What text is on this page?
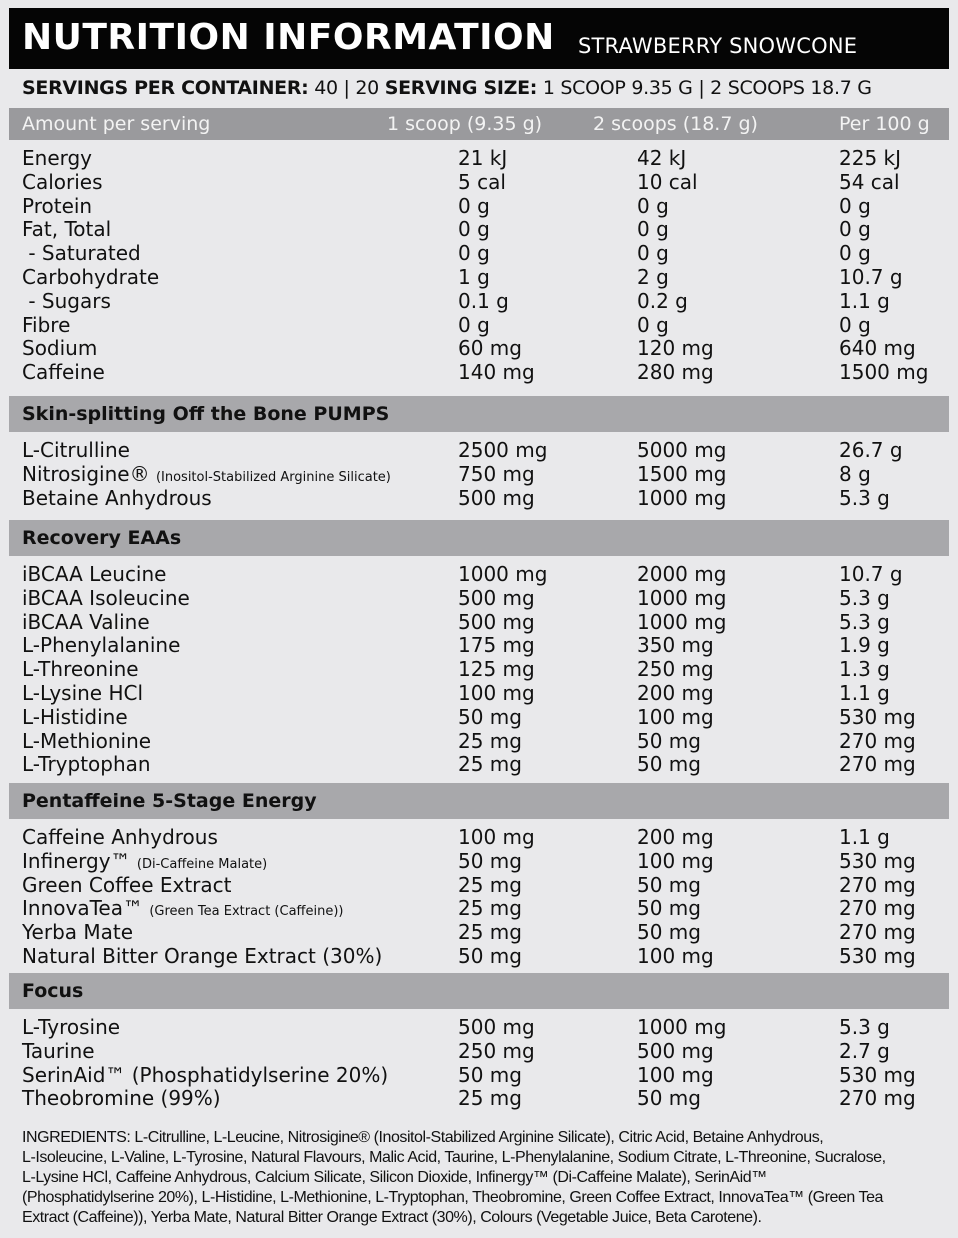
NUTRITION INFORMATION STRAWBERRY SNOWCONE
SERVINGS PER CONTAINER: 40 | 20 SERVING SIZE: 1 SCOOP 9.35 G | 2 SCOOPS 18.7 G
Amount per serving	1 scoop (9.35 g)	2 scoops (18.7 g)	Per 100 g
Energy	21 kJ	42 kJ	225 kJ
Calories	5 cal	10 cal	54 cal
Protein	0 g	0 g	0 g
Fat, Total	0 g	0 g	0 g
- Saturated	0 g	0 g	0 g
Carbohydrate	1 g	2 g	10.7 g
- Sugars	0.1 g	0.2 g	1.1 g
Fibre	0 g	0 g	0 g
Sodium	60 mg	120 mg	640 mg
Caffeine	140 mg	280 mg	1500 mg
Skin-splitting Off the Bone PUMPS
L-Citrulline	2500 mg	5000 mg	26.7 g
Nitrosigine® (Inositol-Stabilized Arginine Silicate)	750 mg	1500 mg	8 g
Betaine Anhydrous	500 mg	1000 mg	5.3 g
Recovery EAAs
iBCAA Leucine	1000 mg	2000 mg	10.7 g
iBCAA Isoleucine	500 mg	1000 mg	5.3 g
iBCAA Valine	500 mg	1000 mg	5.3 g
L-Phenylalanine	175 mg	350 mg	1.9 g
L-Threonine	125 mg	250 mg	1.3 g
L-Lysine HCl	100 mg	200 mg	1.1 g
L-Histidine	50 mg	100 mg	530 mg
L-Methionine	25 mg	50 mg	270 mg
L-Tryptophan	25 mg	50 mg	270 mg
Pentaffeine 5-Stage Energy
Caffeine Anhydrous	100 mg	200 mg	1.1 g
Infinergy™ (Di-Caffeine Malate)	50 mg	100 mg	530 mg
Green Coffee Extract	25 mg	50 mg	270 mg
InnovaTea™ (Green Tea Extract (Caffeine))	25 mg	50 mg	270 mg
Yerba Mate	25 mg	50 mg	270 mg
Natural Bitter Orange Extract (30%)	50 mg	100 mg	530 mg
Focus
L-Tyrosine	500 mg	1000 mg	5.3 g
Taurine	250 mg	500 mg	2.7 g
SerinAid™ (Phosphatidylserine 20%)	50 mg	100 mg	530 mg
Theobromine (99%)	25 mg	50 mg	270 mg
INGREDIENTS: L-Citrulline, L-Leucine, Nitrosigine® (Inositol-Stabilized Arginine Silicate), Citric Acid, Betaine Anhydrous,
L-Isoleucine, L-Valine, L-Tyrosine, Natural Flavours, Malic Acid, Taurine, L-Phenylalanine, Sodium Citrate, L-Threonine, Sucralose,
L-Lysine HCl, Caffeine Anhydrous, Calcium Silicate, Silicon Dioxide, Infinergy™ (Di-Caffeine Malate), SerinAid™
(Phosphatidylserine 20%), L-Histidine, L-Methionine, L-Tryptophan, Theobromine, Green Coffee Extract, InnovaTea™ (Green Tea
Extract (Caffeine)), Yerba Mate, Natural Bitter Orange Extract (30%), Colours (Vegetable Juice, Beta Carotene).
